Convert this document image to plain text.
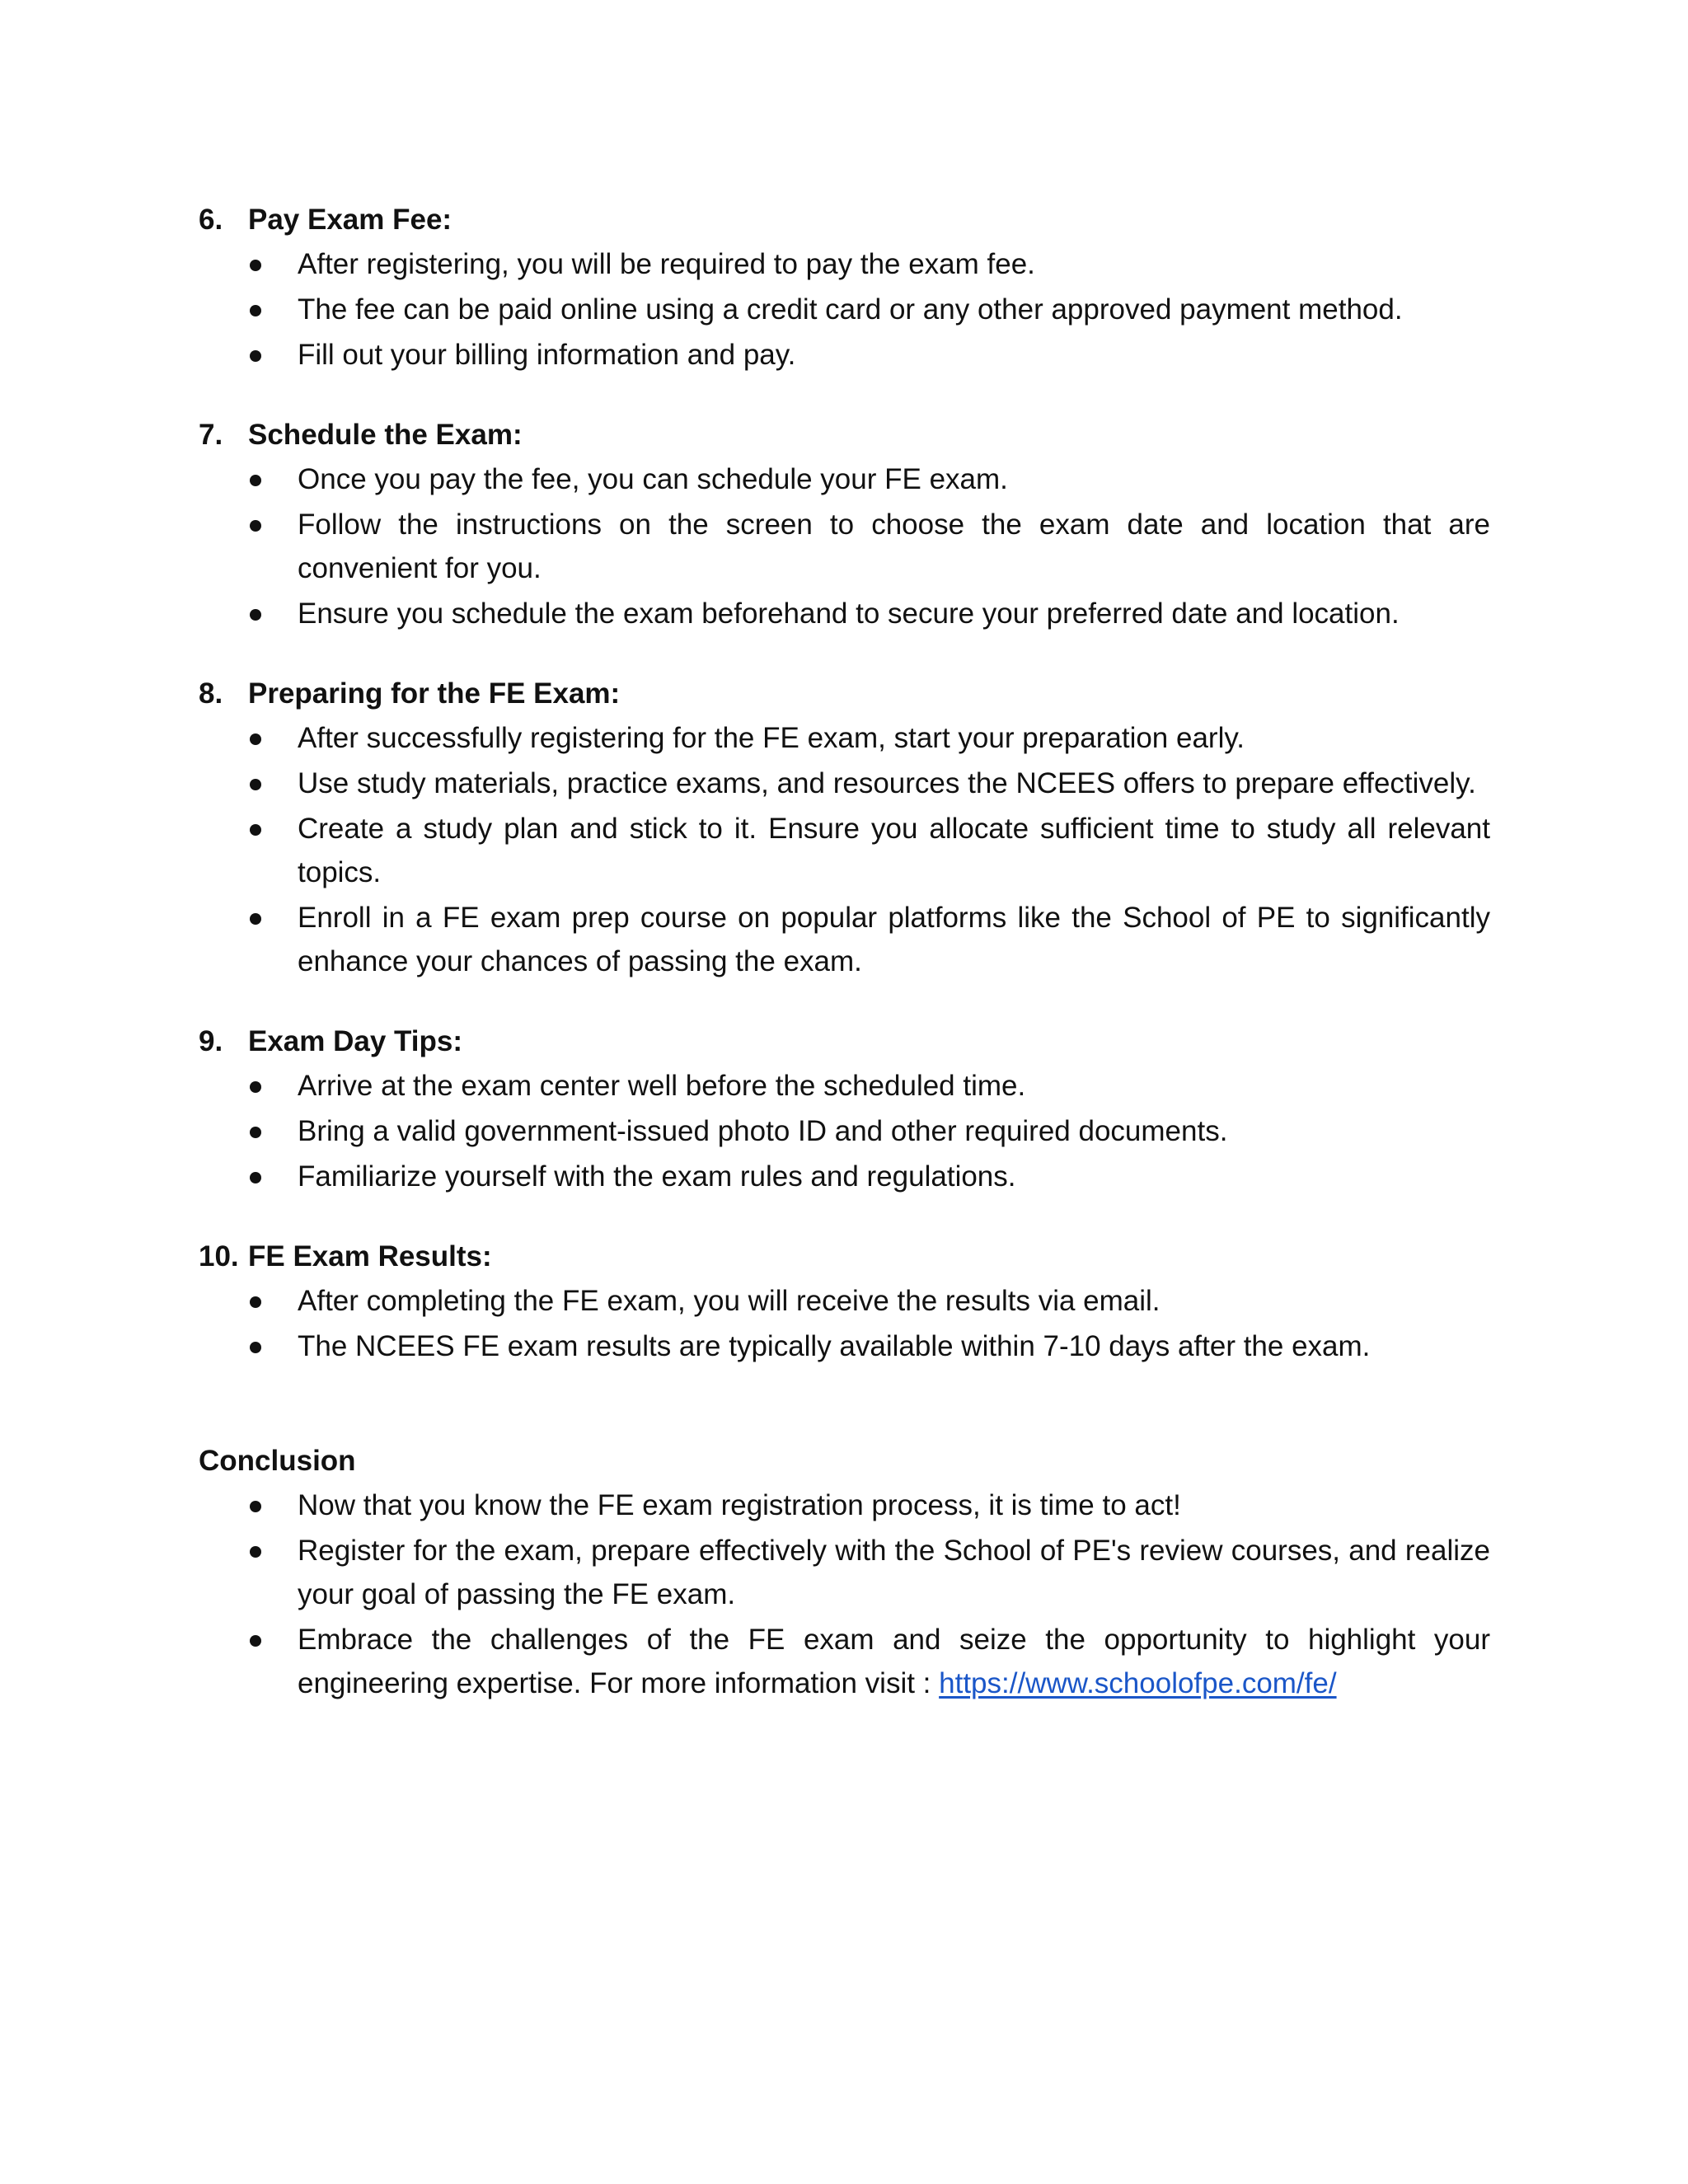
6. Pay Exam Fee:
After registering, you will be required to pay the exam fee.
The fee can be paid online using a credit card or any other approved payment method.
Fill out your billing information and pay.
7. Schedule the Exam:
Once you pay the fee, you can schedule your FE exam.
Follow the instructions on the screen to choose the exam date and location that are convenient for you.
Ensure you schedule the exam beforehand to secure your preferred date and location.
8. Preparing for the FE Exam:
After successfully registering for the FE exam, start your preparation early.
Use study materials, practice exams, and resources the NCEES offers to prepare effectively.
Create a study plan and stick to it. Ensure you allocate sufficient time to study all relevant topics.
Enroll in a FE exam prep course on popular platforms like the School of PE to significantly enhance your chances of passing the exam.
9. Exam Day Tips:
Arrive at the exam center well before the scheduled time.
Bring a valid government-issued photo ID and other required documents.
Familiarize yourself with the exam rules and regulations.
10. FE Exam Results:
After completing the FE exam, you will receive the results via email.
The NCEES FE exam results are typically available within 7-10 days after the exam.
Conclusion
Now that you know the FE exam registration process, it is time to act!
Register for the exam, prepare effectively with the School of PE's review courses, and realize your goal of passing the FE exam.
Embrace the challenges of the FE exam and seize the opportunity to highlight your engineering expertise. For more information visit : https://www.schoolofpe.com/fe/
